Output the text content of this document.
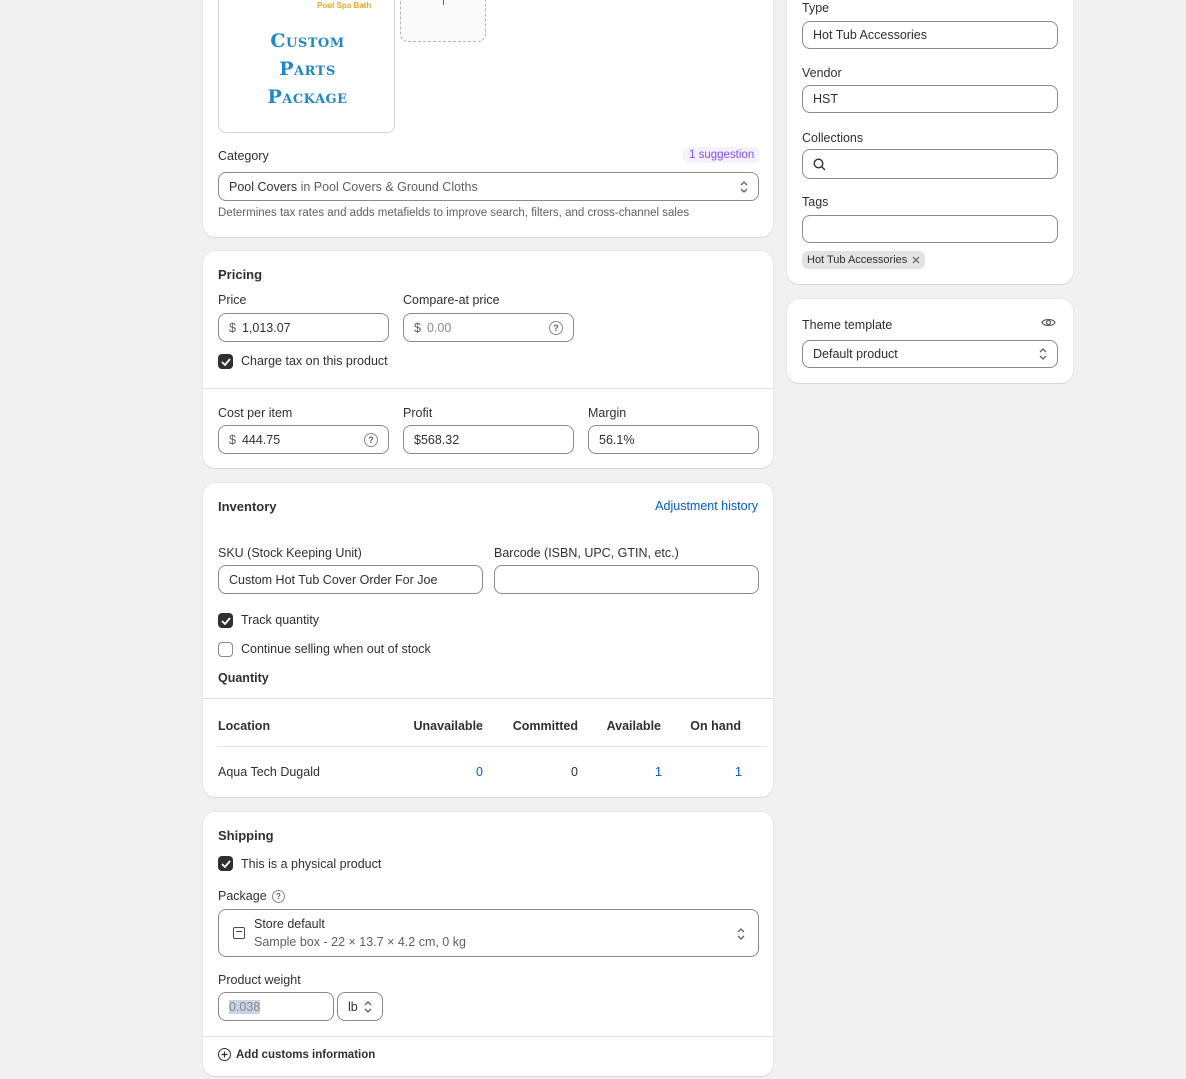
Pool Spa Bath
Custom
Parts
Package
Category	1 suggestion
Pool Covers in Pool Covers & Ground Cloths
Determines tax rates and adds metafields to improve search, filters, and cross-channel sales
Pricing
Price
$ 1,013.07
Compare-at price
$ 0.00	?
Charge tax on this product
Cost per item
$ 444.75	?
Profit
$568.32
Margin
56.1%
Inventory	Adjustment history
SKU (Stock Keeping Unit)
Custom Hot Tub Cover Order For Joe
Barcode (ISBN, UPC, GTIN, etc.)
Track quantity
Continue selling when out of stock
Quantity
Location	Unavailable	Committed	Available	On hand
Aqua Tech Dugald	0	0	1	1
Shipping
This is a physical product
Package	?
Store default
Sample box - 22 × 13.7 × 4.2 cm, 0 kg
Product weight
0.038	lb
Add customs information
Type
Hot Tub Accessories
Vendor
HST
Collections
Tags
Hot Tub Accessories
Theme template
Default product
